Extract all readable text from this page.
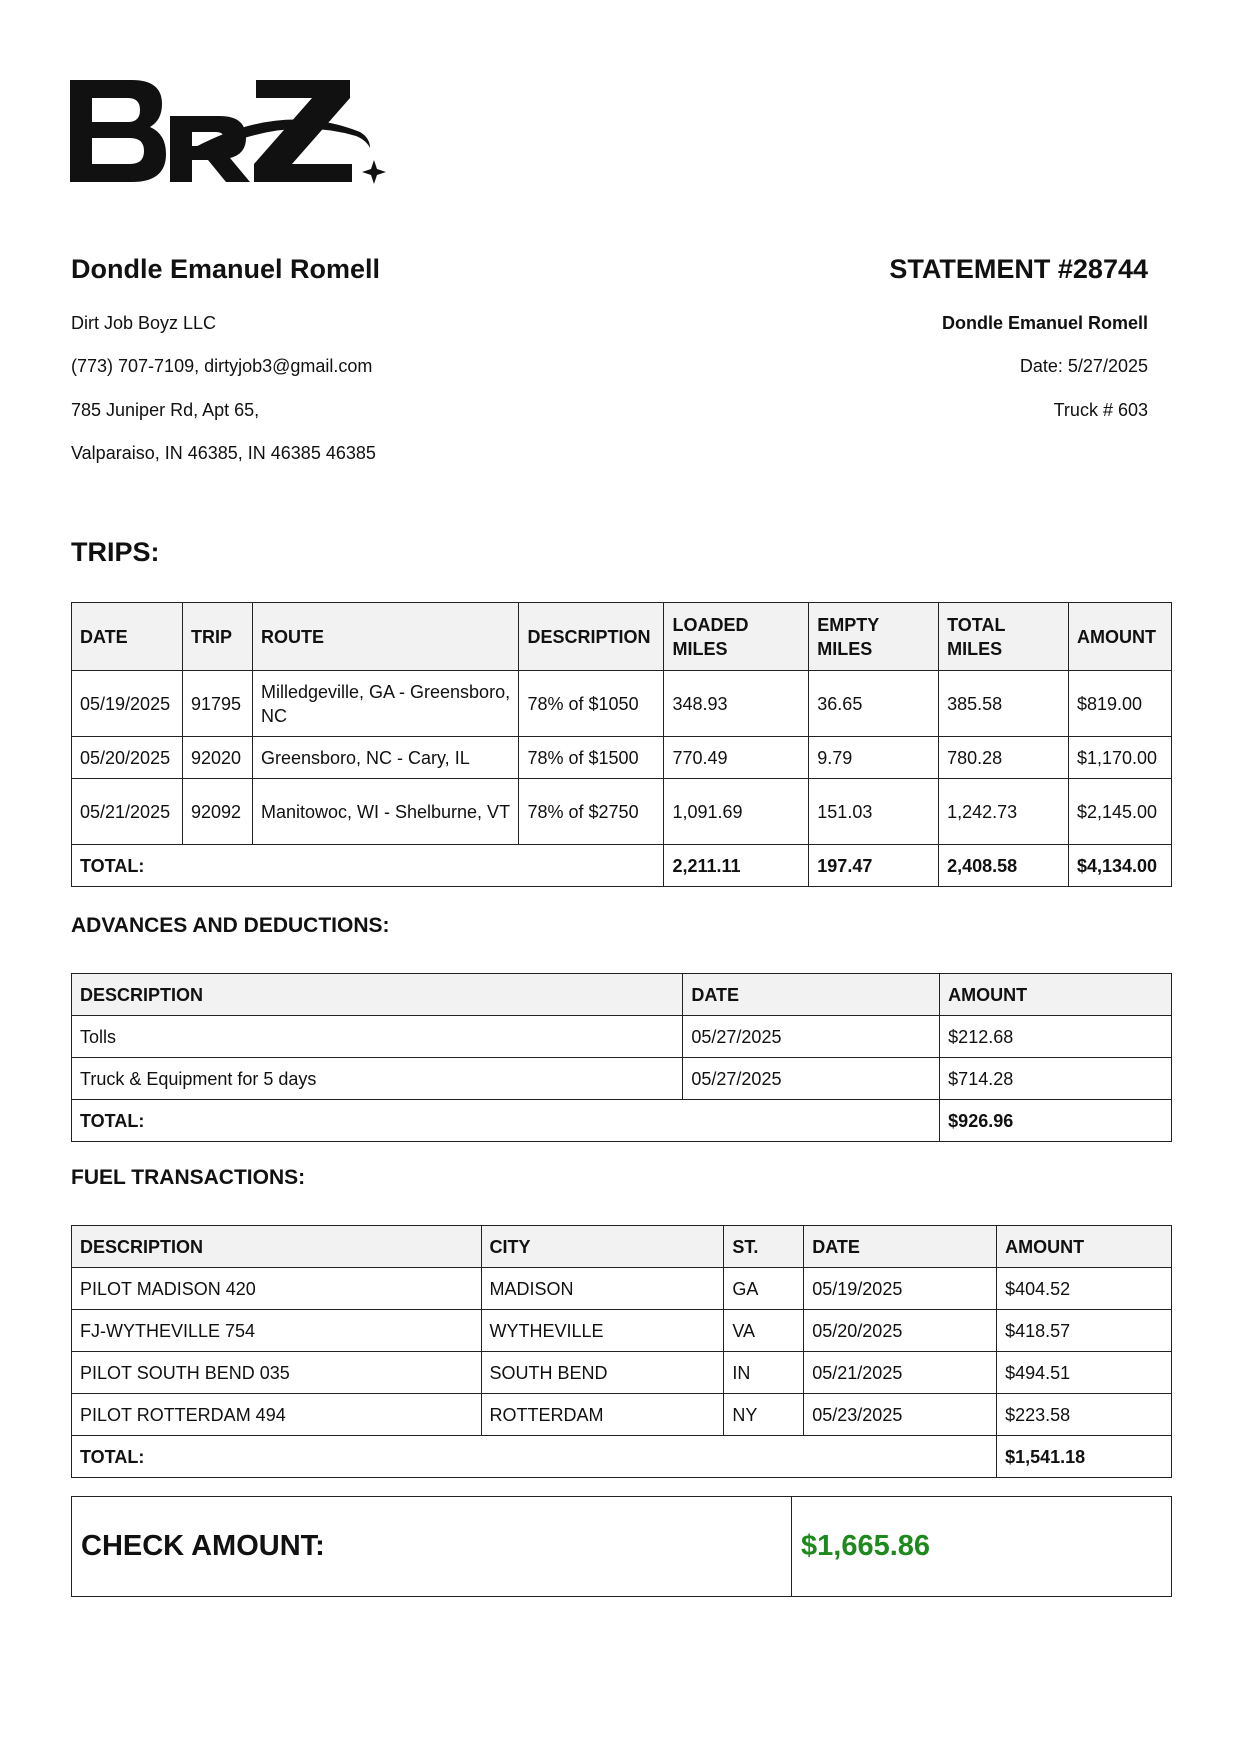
Dondle Emanuel Romell
Dirt Job Boyz LLC
(773) 707-7109, dirtyjob3@gmail.com
785 Juniper Rd, Apt 65,
Valparaiso, IN 46385, IN 46385 46385
STATEMENT #28744
Dondle Emanuel Romell
Date: 5/27/2025
Truck # 603
TRIPS:
DATE	TRIP	ROUTE	DESCRIPTION	LOADED MILES	EMPTY MILES	TOTAL MILES	AMOUNT
05/19/2025	91795	Milledgeville, GA - Greensboro, NC	78% of $1050	348.93	36.65	385.58	$819.00
05/20/2025	92020	Greensboro, NC - Cary, IL	78% of $1500	770.49	9.79	780.28	$1,170.00
05/21/2025	92092	Manitowoc, WI - Shelburne, VT	78% of $2750	1,091.69	151.03	1,242.73	$2,145.00
TOTAL:				2,211.11	197.47	2,408.58	$4,134.00
ADVANCES AND DEDUCTIONS:
DESCRIPTION	DATE	AMOUNT
Tolls	05/27/2025	$212.68
Truck & Equipment for 5 days	05/27/2025	$714.28
TOTAL:		$926.96
FUEL TRANSACTIONS:
DESCRIPTION	CITY	ST.	DATE	AMOUNT
PILOT MADISON 420	MADISON	GA	05/19/2025	$404.52
FJ-WYTHEVILLE 754	WYTHEVILLE	VA	05/20/2025	$418.57
PILOT SOUTH BEND 035	SOUTH BEND	IN	05/21/2025	$494.51
PILOT ROTTERDAM 494	ROTTERDAM	NY	05/23/2025	$223.58
TOTAL:				$1,541.18
CHECK AMOUNT:	$1,665.86
